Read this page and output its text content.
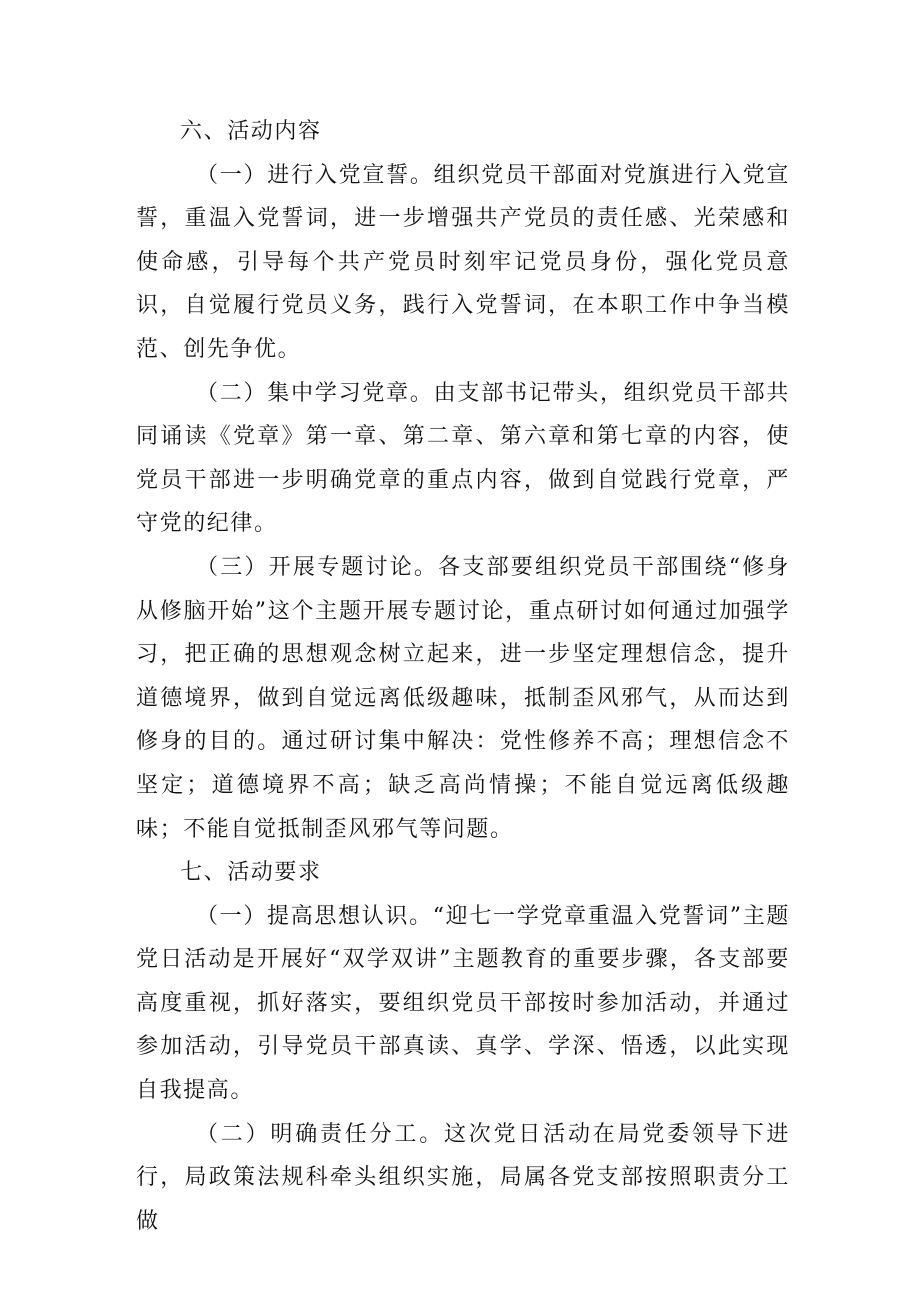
六、活动内容

（一）进行入党宣誓。组织党员干部面对党旗进行入党宣誓，重温入党誓词，进一步增强共产党员的责任感、光荣感和使命感，引导每个共产党员时刻牢记党员身份，强化党员意识，自觉履行党员义务，践行入党誓词，在本职工作中争当模范、创先争优。

（二）集中学习党章。由支部书记带头，组织党员干部共同诵读《党章》第一章、第二章、第六章和第七章的内容，使党员干部进一步明确党章的重点内容，做到自觉践行党章，严守党的纪律。

（三）开展专题讨论。各支部要组织党员干部围绕“修身从修脑开始”这个主题开展专题讨论，重点研讨如何通过加强学习，把正确的思想观念树立起来，进一步坚定理想信念，提升道德境界，做到自觉远离低级趣味，抵制歪风邪气，从而达到修身的目的。通过研讨集中解决：党性修养不高；理想信念不坚定；道德境界不高；缺乏高尚情操；不能自觉远离低级趣味；不能自觉抵制歪风邪气等问题。

七、活动要求

（一）提高思想认识。“迎七一学党章重温入党誓词”主题党日活动是开展好“双学双讲”主题教育的重要步骤，各支部要高度重视，抓好落实，要组织党员干部按时参加活动，并通过参加活动，引导党员干部真读、真学、学深、悟透，以此实现自我提高。

（二）明确责任分工。这次党日活动在局党委领导下进行，局政策法规科牵头组织实施，局属各党支部按照职责分工做
